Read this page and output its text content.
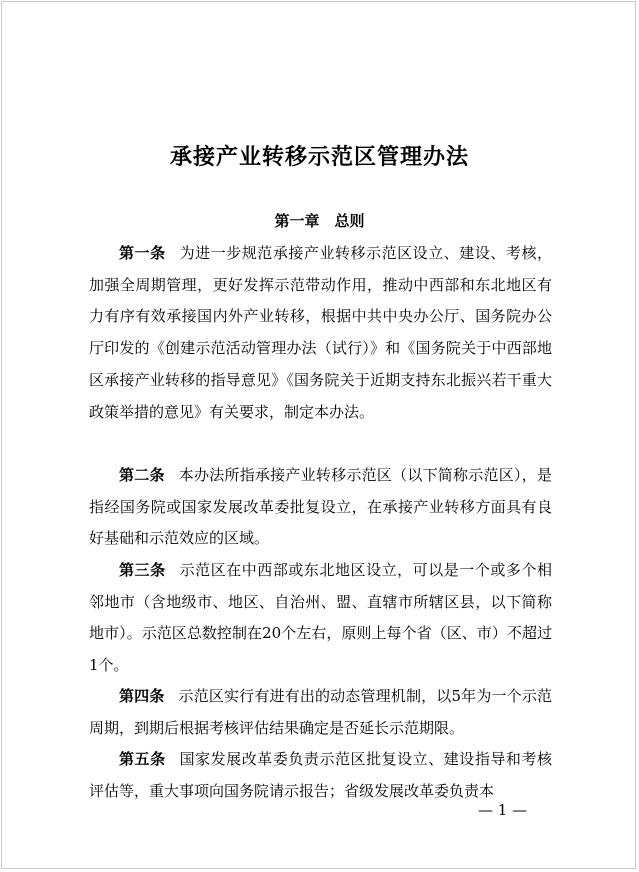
承接产业转移示范区管理办法
第一章　总则
第一条 为进一步规范承接产业转移示范区设立、建设、考核，加强全周期管理，更好发挥示范带动作用，推动中西部和东北地区有力有序有效承接国内外产业转移，根据中共中央办公厅、国务院办公厅印发的《创建示范活动管理办法（试行）》和《国务院关于中西部地区承接产业转移的指导意见》《国务院关于近期支持东北振兴若干重大政策举措的意见》有关要求，制定本办法。
第二条 本办法所指承接产业转移示范区（以下简称示范区），是指经国务院或国家发展改革委批复设立，在承接产业转移方面具有良好基础和示范效应的区域。
第三条 示范区在中西部或东北地区设立，可以是一个或多个相邻地市（含地级市、地区、自治州、盟、直辖市所辖区县，以下简称地市）。示范区总数控制在20个左右，原则上每个省（区、市）不超过1个。
第四条 示范区实行有进有出的动态管理机制，以5年为一个示范周期，到期后根据考核评估结果确定是否延长示范期限。
第五条 国家发展改革委负责示范区批复设立、建设指导和考核评估等，重大事项向国务院请示报告；省级发展改革委负责本
— 1 —
